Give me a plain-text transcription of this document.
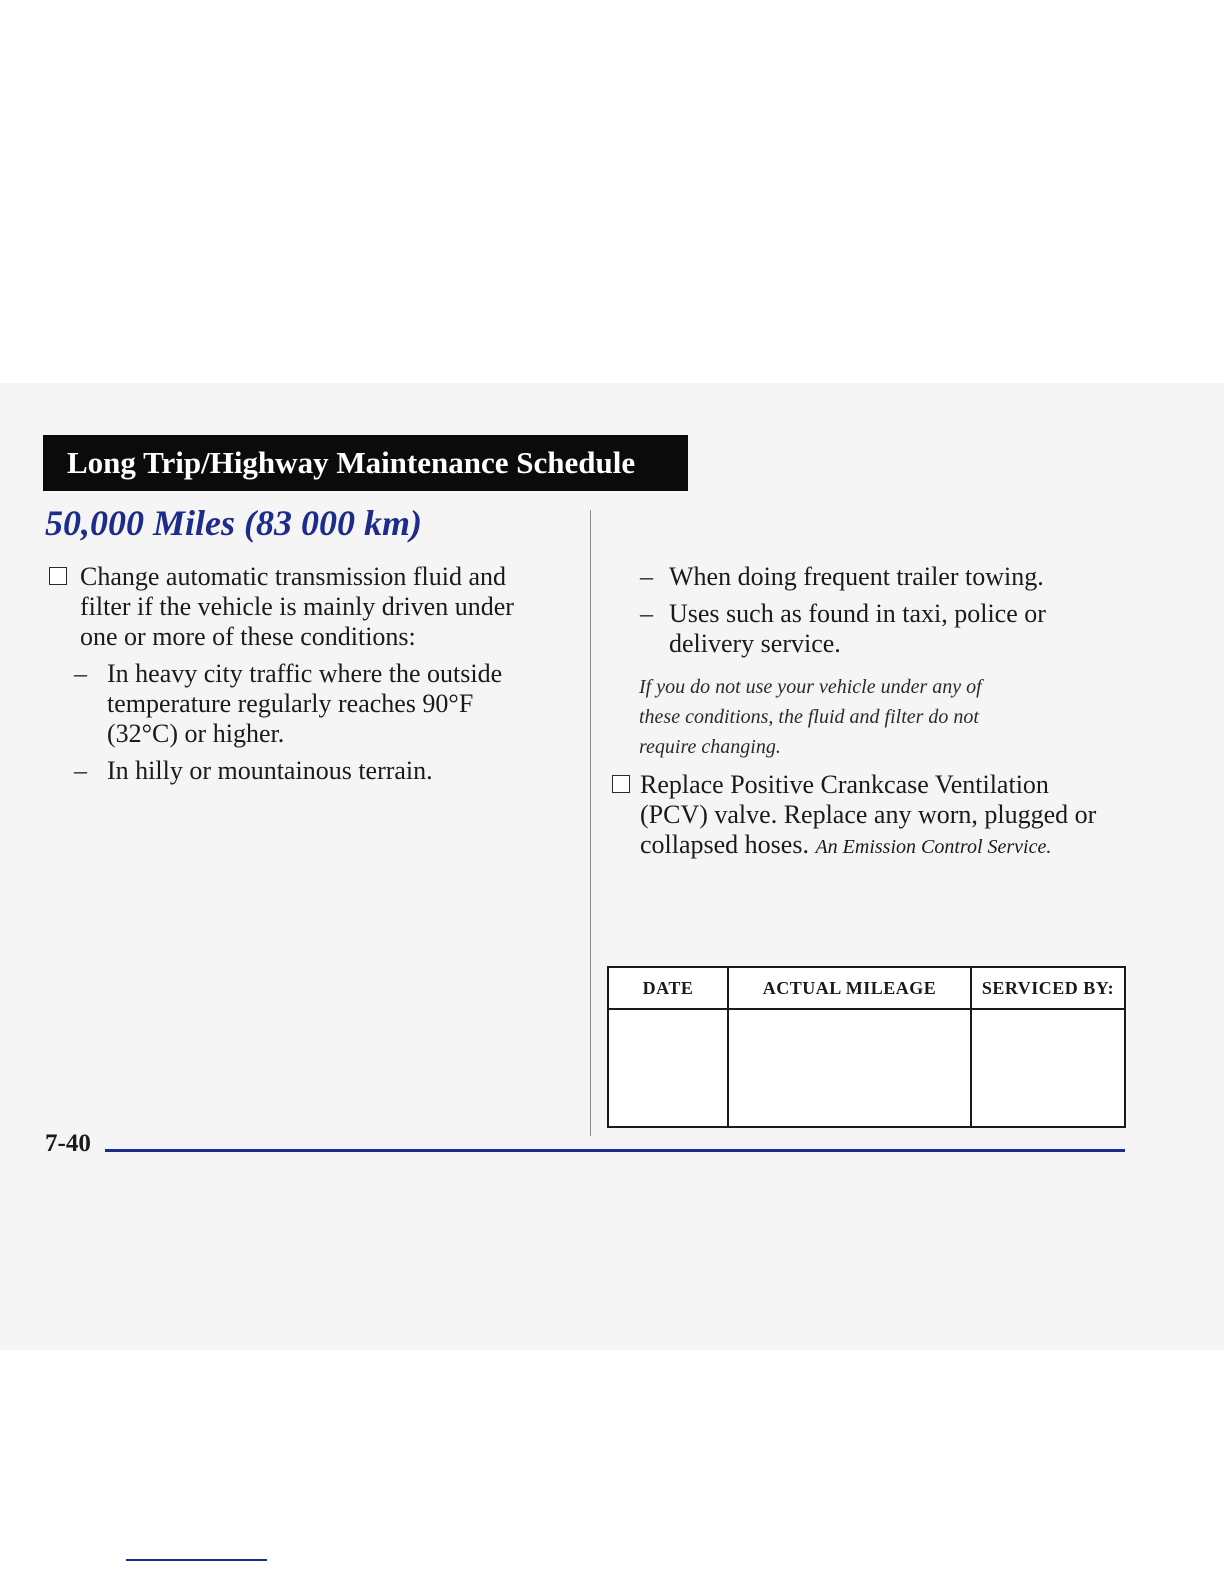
Long Trip/Highway Maintenance Schedule
50,000 Miles (83 000 km)
Change automatic transmission fluid and
filter if the vehicle is mainly driven under
one or more of these conditions:
– In heavy city traffic where the outside
temperature regularly reaches 90°F
(32°C) or higher.
– In hilly or mountainous terrain.
– When doing frequent trailer towing.
– Uses such as found in taxi, police or
delivery service.
If you do not use your vehicle under any of
these conditions, the fluid and filter do not
require changing.
Replace Positive Crankcase Ventilation
(PCV) valve. Replace any worn, plugged or
collapsed hoses. An Emission Control Service.
DATE	ACTUAL MILEAGE	SERVICED BY:

7-40
